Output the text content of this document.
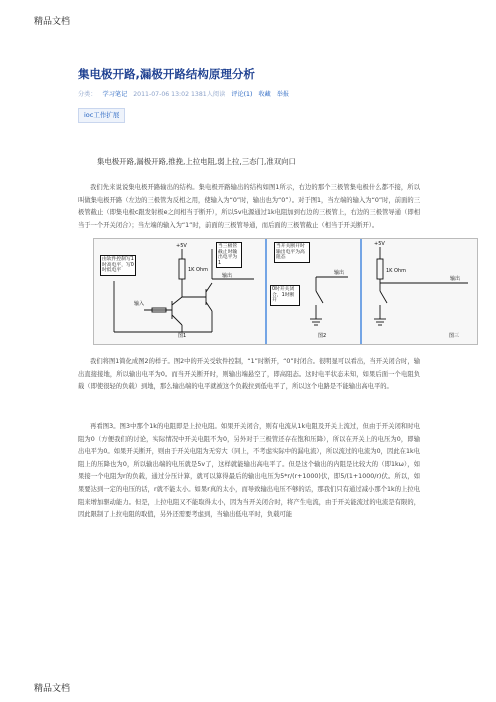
精品文档
集电极开路,漏极开路结构原理分析
分类： 学习笔记 2011-07-06 13:02 1381人阅读 评论(1) 收藏 举报
ioc工作扩展
集电极开路,漏极开路,推挽,上拉电阻,弱上拉,三态门,准双向口

我们先来说说集电极开路输出的结构。集电极开路输出的结构如图1所示，右边的那个三极管集电极什么都不接，所以叫做集电极开路（左边的三极管为反相之用，使输入为“0”时，输出也为“0”）。对于图1，当左端的输入为“0”时，前面的三极管截止（即集电极c跟发射极e之间相当于断开），所以5v电源通过1k电阻加到右边的三极管上，右边的三极管导通（即相当于一个开关闭合）；当左端的输入为“1”时，前面的三极管导通，而后面的三极管截止（相当于开关断开）。

+5V
1K Ohm
输入
输出
图1
当三极管截止时输出电平为1
由软件控制写1时高电平，写0时低电平	输出
图2
当开关断开时输出电平为高阻态
0时开关闭合，1时断开
+5V
1K Ohm
输出
图三

我们将图1简化成图2的样子。图2中的开关受软件控制，“1”时断开，“0”时闭合。很明显可以看出，当开关闭合时，输出直接接地，所以输出电平为0。而当开关断开时，则输出端悬空了，即高阻态。这时电平状态未知，如果后面一个电阻负载（即使很轻的负载）到地，那么输出端的电平就被这个负载拉到低电平了，所以这个电路是不能输出高电平的。

再看图3。图3中那个1k的电阻即是上拉电阻。如果开关闭合，则有电流从1k电阻及开关上流过，但由于开关闭和时电阻为0（方便我们的讨论，实际情况中开关电阻不为0，另外对于三极管还存在饱和压降），所以在开关上的电压为0，即输出电平为0。如果开关断开，则由于开关电阻为无穷大（同上，不考虑实际中的漏电流），所以流过的电流为0，因此在1k电阻上的压降也为0，所以输出端的电压就是5v了，这样就能输出高电平了。但是这个输出的内阻是比较大的（即1kω），如果接一个电阻为r的负载，通过分压计算，就可以算得最后的输出电压为5*r/(r+1000)伏，即5/(1+1000/r)伏。所以，如果要达到一定的电压的话，r就不能太小。如果r真的太小，而导致输出电压不够的话，那我们只有通过减小那个1k的上拉电阻来增加驱动能力。但是，上拉电阻又不能取得太小，因为当开关闭合时，将产生电流，由于开关能流过的电流是有限的，因此限制了上拉电阻的取值，另外还需要考虑到，当输出低电平时，负载可能

精品文档
